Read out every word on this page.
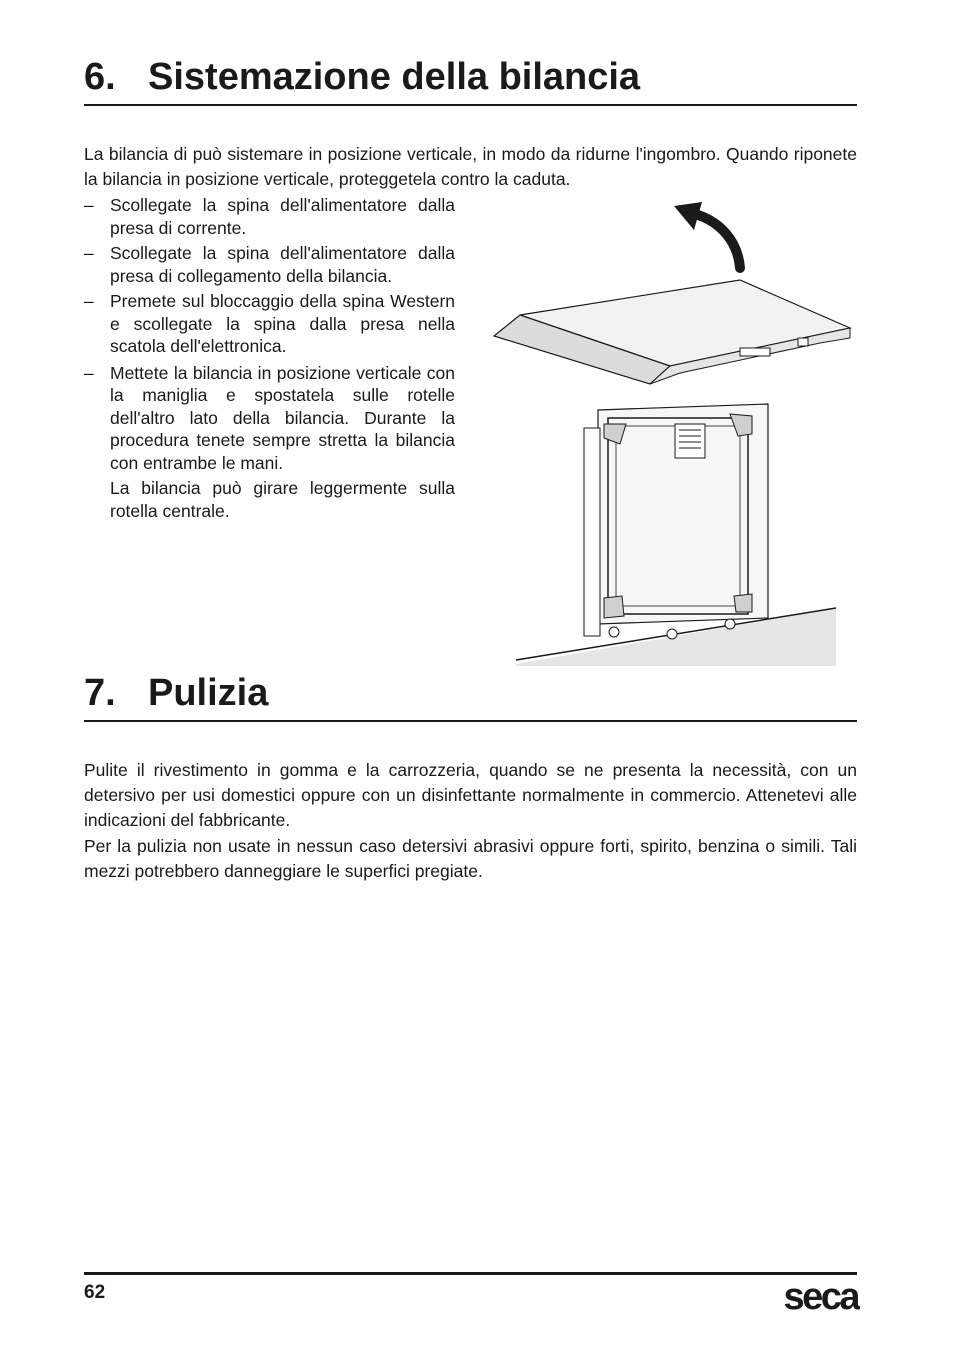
6. Sistemazione della bilancia

La bilancia di può sistemare in posizione verticale, in modo da ridurne l'ingombro. Quando riponete la bilancia in posizione verticale, proteggetela contro la caduta.

– Scollegate la spina dell'alimentatore dalla presa di corrente.
– Scollegate la spina dell'alimentatore dalla presa di collegamento della bilancia.
– Premete sul bloccaggio della spina Western e scollegate la spina dalla presa nella scatola dell'elettronica.
– Mettete la bilancia in posizione verticale con la maniglia e spostatela sulle rotelle dell'altro lato della bilancia. Durante la procedura tenete sempre stretta la bilancia con entrambe le mani.
La bilancia può girare leggermente sulla rotella centrale.
7. Pulizia

Pulite il rivestimento in gomma e la carrozzeria, quando se ne presenta la necessità, con un detersivo per usi domestici oppure con un disinfettante normalmente in commercio. Attenetevi alle indicazioni del fabbricante.

Per la pulizia non usate in nessun caso detersivi abrasivi oppure forti, spirito, benzina o simili. Tali mezzi potrebbero danneggiare le superfici pregiate.

62	seca
